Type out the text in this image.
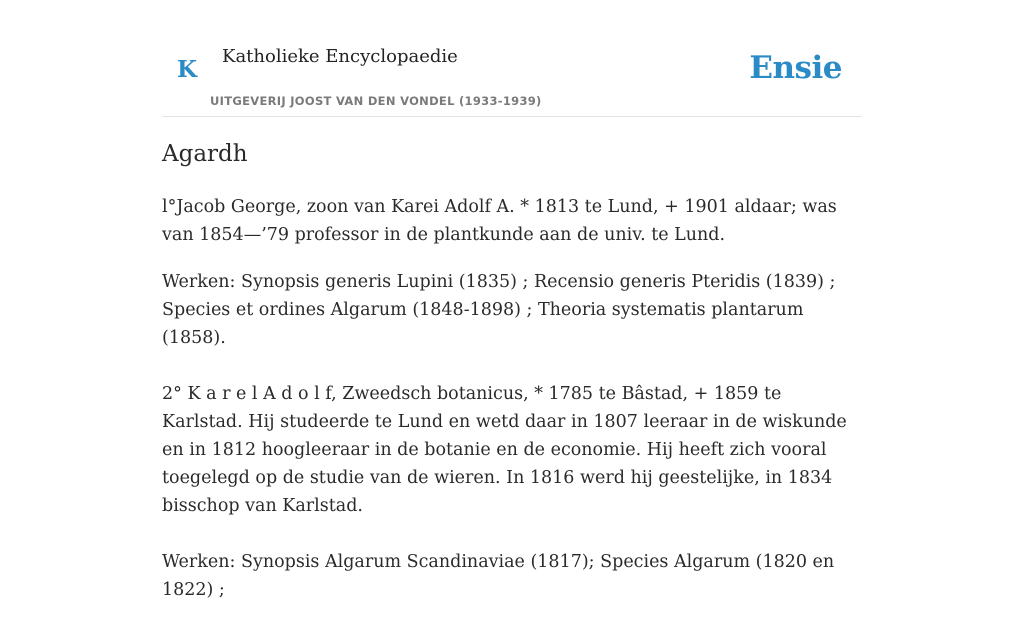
K Katholieke Encyclopaedie
UITGEVERIJ JOOST VAN DEN VONDEL (1933-1939)
Ensie
Agardh

l°Jacob George, zoon van Karei Adolf A. * 1813 te Lund, + 1901 aldaar; was van 1854—’79 professor in de plantkunde aan de univ. te Lund.

Werken: Synopsis generis Lupini (1835) ; Recensio generis Pteridis (1839) ; Species et ordines Algarum (1848-1898) ; Theoria systematis plantarum (1858).

2° K a r e l A d o l f, Zweedsch botanicus, * 1785 te Bâstad, + 1859 te Karlstad. Hij studeerde te Lund en wetd daar in 1807 leeraar in de wiskunde en in 1812 hoogleeraar in de botanie en de economie. Hij heeft zich vooral toegelegd op de studie van de wieren. In 1816 werd hij geestelijke, in 1834 bisschop van Karlstad.

Werken: Synopsis Algarum Scandinaviae (1817); Species Algarum (1820 en 1822) ;
